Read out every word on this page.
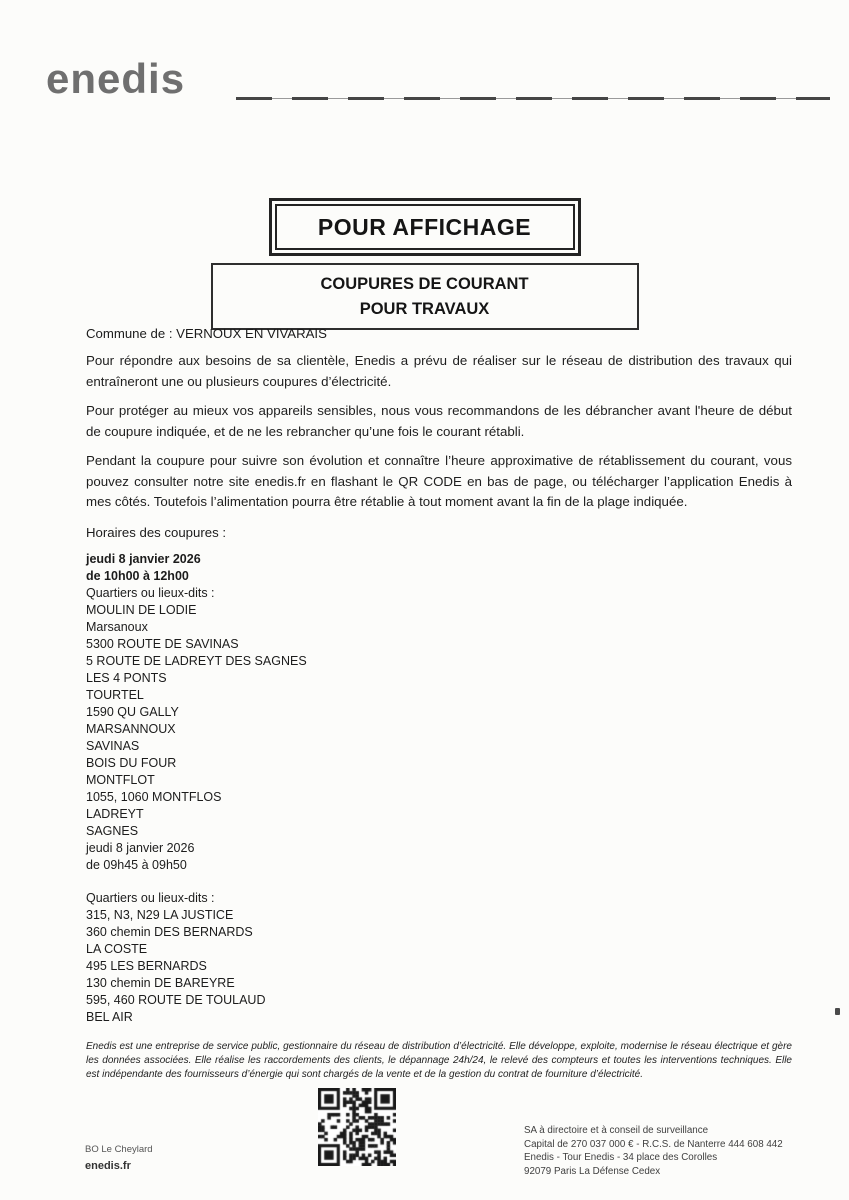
enedis
POUR AFFICHAGE
COUPURES DE COURANT
POUR TRAVAUX
Commune de : VERNOUX EN VIVARAIS

Pour répondre aux besoins de sa clientèle, Enedis a prévu de réaliser sur le réseau de distribution des travaux qui entraîneront une ou plusieurs coupures d’électricité.

Pour protéger au mieux vos appareils sensibles, nous vous recommandons de les débrancher avant l'heure de début de coupure indiquée, et de ne les rebrancher qu’une fois le courant rétabli.

Pendant la coupure pour suivre son évolution et connaître l’heure approximative de rétablissement du courant, vous pouvez consulter notre site enedis.fr en flashant le QR CODE en bas de page, ou télécharger l’application Enedis à mes côtés. Toutefois l’alimentation pourra être rétablie à tout moment avant la fin de la plage indiquée.

Horaires des coupures :
jeudi 8 janvier 2026
de 10h00 à 12h00
Quartiers ou lieux-dits :
MOULIN DE LODIE
Marsanoux
5300 ROUTE DE SAVINAS
5 ROUTE DE LADREYT DES SAGNES
LES 4 PONTS
TOURTEL
1590 QU GALLY
MARSANNOUX
SAVINAS
BOIS DU FOUR
MONTFLOT
1055, 1060 MONTFLOS
LADREYT
SAGNES
jeudi 8 janvier 2026
de 09h45 à 09h50
Quartiers ou lieux-dits :
315, N3, N29 LA JUSTICE
360 chemin DES BERNARDS
LA COSTE
495 LES BERNARDS
130 chemin DE BAREYRE
595, 460 ROUTE DE TOULAUD
BEL AIR

Enedis est une entreprise de service public, gestionnaire du réseau de distribution d’électricité. Elle développe, exploite, modernise le réseau électrique et gère les données associées. Elle réalise les raccordements des clients, le dépannage 24h/24, le relevé des compteurs et toutes les interventions techniques. Elle est indépendante des fournisseurs d’énergie qui sont chargés de la vente et de la gestion du contrat de fourniture d’électricité.

BO Le Cheylard
enedis.fr
SA à directoire et à conseil de surveillance
Capital de 270 037 000 € - R.C.S. de Nanterre 444 608 442
Enedis - Tour Enedis - 34 place des Corolles
92079 Paris La Défense Cedex
